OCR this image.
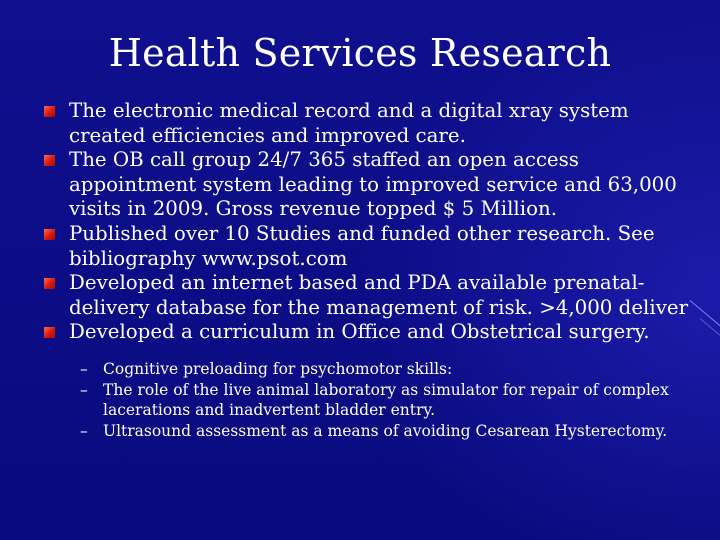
Health Services Research
The electronic medical record and a digital xray system created efficiencies and improved care.
The OB call group 24/7 365 staffed an open access appointment system leading to improved service and 63,000 visits in 2009. Gross revenue topped $ 5 Million.
Published over 10 Studies and funded other research. See bibliography www.psot.com
Developed an internet based and PDA available prenatal-delivery database for the management of risk. >4,000 deliver
Developed a curriculum in Office and Obstetrical surgery.
– Cognitive preloading for psychomotor skills:
– The role of the live animal laboratory as simulator for repair of complex lacerations and inadvertent bladder entry.
– Ultrasound assessment as a means of avoiding Cesarean Hysterectomy.
